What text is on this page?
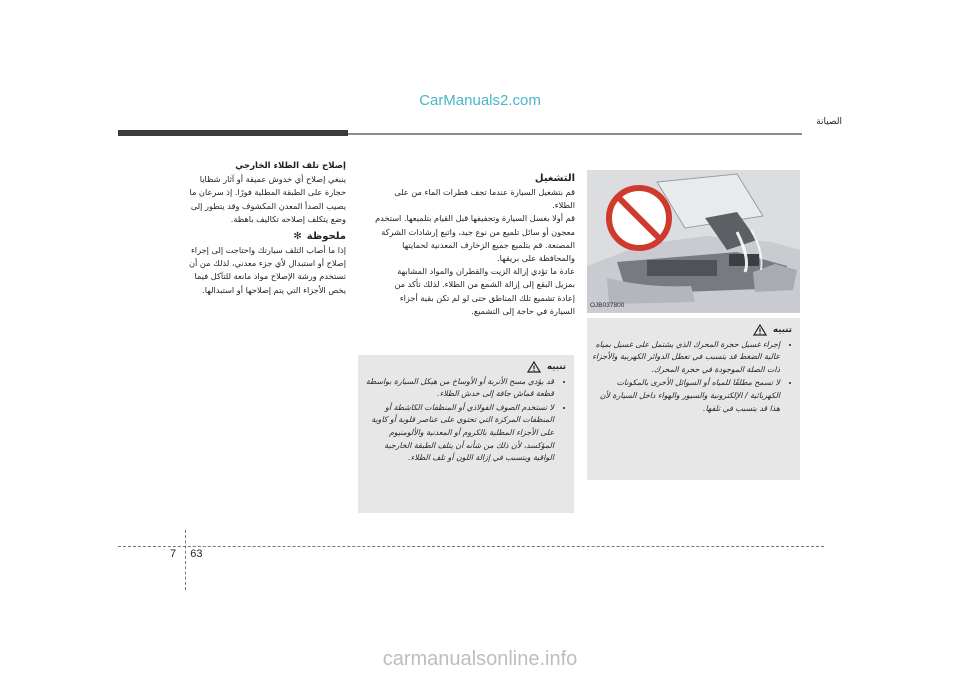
CarManuals2.com
الصيانة
OJB037800
تنبيه
• إجراء غسيل حجرة المحرك الذي يشتمل على غسيل بمياه عالية الضغط قد يتسبب في تعطل الدوائر الكهربية والأجزاء ذات الصلة الموجودة في حجرة المحرك.
• لا تسمح مطلقًا للمياه أو السوائل الأخرى بالمكونات الكهربائية / الإلكترونية والسيور والهواء داخل السيارة لأن هذا قد يتسبب في تلفها.

التشغيل

قم بتشغيل السيارة عندما تجف قطرات الماء من على الطلاء.

قم أولا بغسل السيارة وتجفيفها قبل القيام بتلميعها. استخدم معجون أو سائل تلميع من نوع جيد، واتبع إرشادات الشركة المصنعة. قم بتلميع جميع الزخارف المعدنية لحمايتها والمحافظة على بريقها.

عادة ما تؤدي إزالة الزيت والقطران والمواد المشابهة بمزيل البقع إلى إزالة الشمع من الطلاء. لذلك تأكد من إعادة تشميع تلك المناطق حتى لو لم تكن بقية أجزاء السيارة في حاجة إلى التشميع.

تنبيه
• قد يؤدي مسح الأتربة أو الأوساخ من هيكل السيارة بواسطة قطعة قماش جافة إلى خدش الطلاء.
• لا تستخدم الصوف الفولاذي أو المنظفات الكاشطة أو المنظفات المركزة التي تحتوي على عناصر قلوية أو كاوية على الأجزاء المطلية بالكروم أو المعدنية والألومنيوم المؤكسد، لأن ذلك من شأنه أن يتلف الطبقة الخارجية الواقية ويتسبب في إزالة اللون أو تلف الطلاء.

إصلاح تلف الطلاء الخارجي

ينبغي إصلاح أي خدوش عميقة أو آثار شظايا حجارة على الطبقة المطلية فورًا. إذ سرعان ما يصيب الصدأ المعدن المكشوف وقد يتطور إلى وضع يتكلف إصلاحه تكاليف باهظة.

✻ ملحوظة

إذا ما أصاب التلف سيارتك واحتاجت إلى إجراء إصلاح أو استبدال لأي جزء معدني، لذلك من أن تستخدم ورشة الإصلاح مواد مانعة للتآكل فيما يخص الأجزاء التي يتم إصلاحها أو استبدالها.

7 63
carmanualsonline.info
